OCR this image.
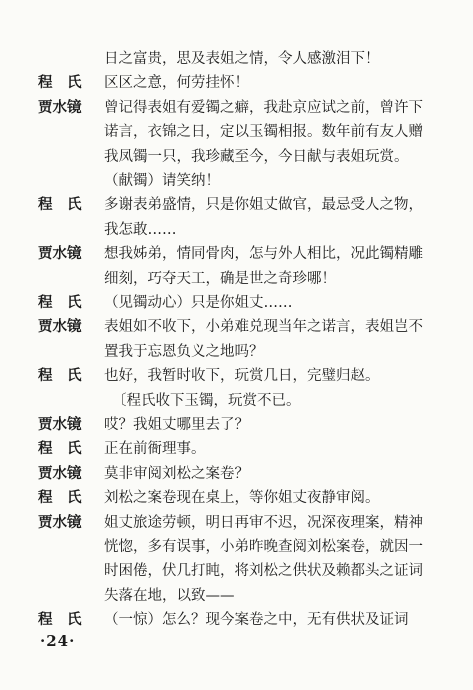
日之富贵，思及表姐之情，令人感激泪下！
程　氏	区区之意，何劳挂怀！
贾水镜	曾记得表姐有爱镯之癖，我赴京应试之前，曾许下
诺言，衣锦之日，定以玉镯相报。数年前有友人赠
我凤镯一只，我珍藏至今，今日献与表姐玩赏。
（献镯）请笑纳！
程　氏	多谢表弟盛情，只是你姐丈做官，最忌受人之物，
我怎敢……
贾水镜	想我姊弟，情同骨肉，怎与外人相比，况此镯精雕
细刻，巧夺天工，确是世之奇珍哪！
程　氏	（见镯动心）只是你姐丈……
贾水镜	表姐如不收下，小弟难兑现当年之诺言，表姐岂不
置我于忘恩负义之地吗？
程　氏	也好，我暂时收下，玩赏几日，完璧归赵。
〔程氏收下玉镯，玩赏不已。
贾水镜	哎？我姐丈哪里去了？
程　氏	正在前衙理事。
贾水镜	莫非审阅刘松之案卷？
程　氏	刘松之案卷现在桌上，等你姐丈夜静审阅。
贾水镜	姐丈旅途劳顿，明日再审不迟，况深夜理案，精神
恍惚，多有误事，小弟昨晚查阅刘松案卷，就因一
时困倦，伏几打盹，将刘松之供状及赖都头之证词
失落在地，以致——
程　氏	（一惊）怎么？现今案卷之中，无有供状及证词
·24·
